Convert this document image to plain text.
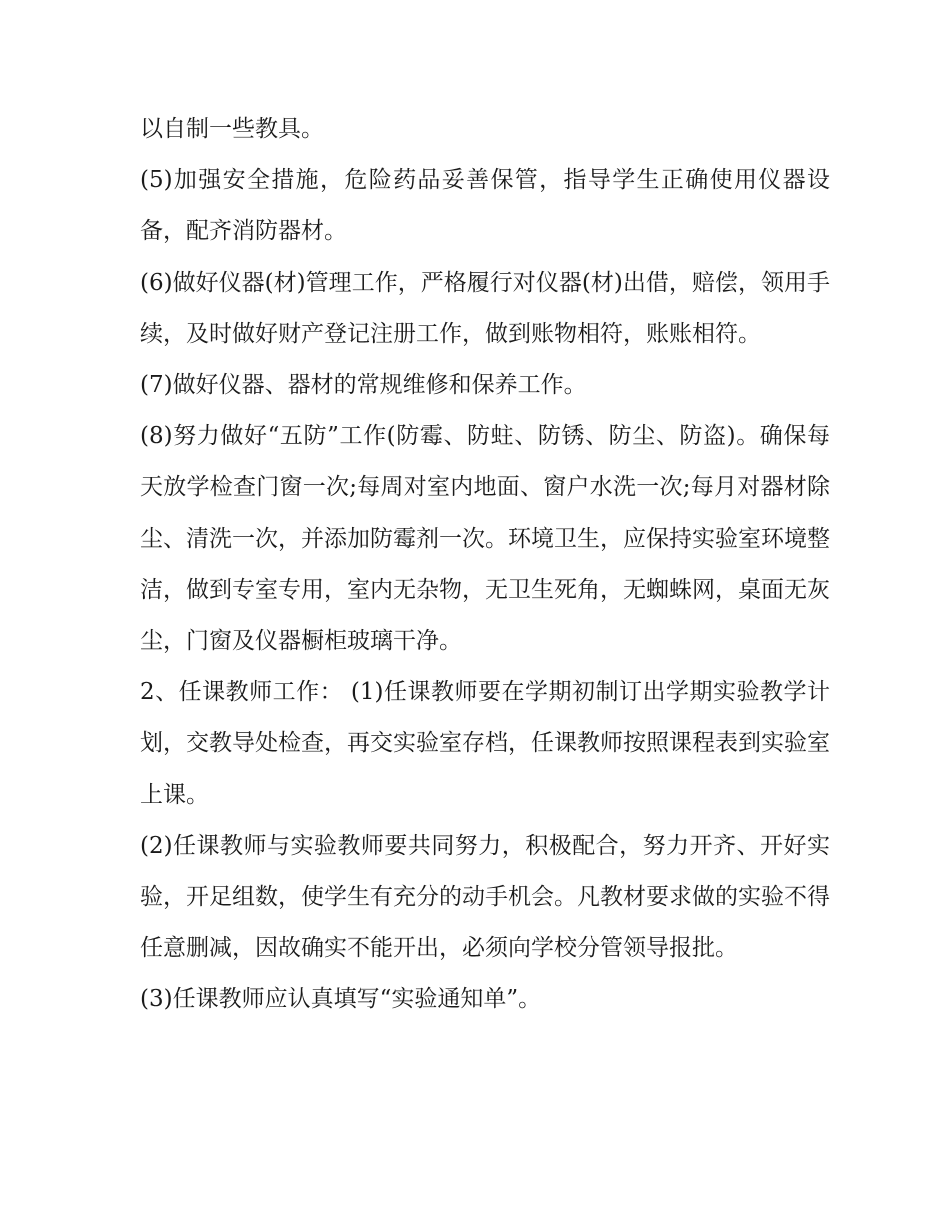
以自制一些教具。

(5)加强安全措施，危险药品妥善保管，指导学生正确使用仪器设备，配齐消防器材。

(6)做好仪器(材)管理工作，严格履行对仪器(材)出借，赔偿，领用手续，及时做好财产登记注册工作，做到账物相符，账账相符。

(7)做好仪器、器材的常规维修和保养工作。

(8)努力做好“五防”工作(防霉、防蛀、防锈、防尘、防盗)。确保每天放学检查门窗一次;每周对室内地面、窗户水洗一次;每月对器材除尘、清洗一次，并添加防霉剂一次。环境卫生，应保持实验室环境整洁，做到专室专用，室内无杂物，无卫生死角，无蜘蛛网，桌面无灰尘，门窗及仪器橱柜玻璃干净。

2、任课教师工作： (1)任课教师要在学期初制订出学期实验教学计划，交教导处检查，再交实验室存档，任课教师按照课程表到实验室上课。

(2)任课教师与实验教师要共同努力，积极配合，努力开齐、开好实验，开足组数，使学生有充分的动手机会。凡教材要求做的实验不得任意删减，因故确实不能开出，必须向学校分管领导报批。

(3)任课教师应认真填写“实验通知单”。
